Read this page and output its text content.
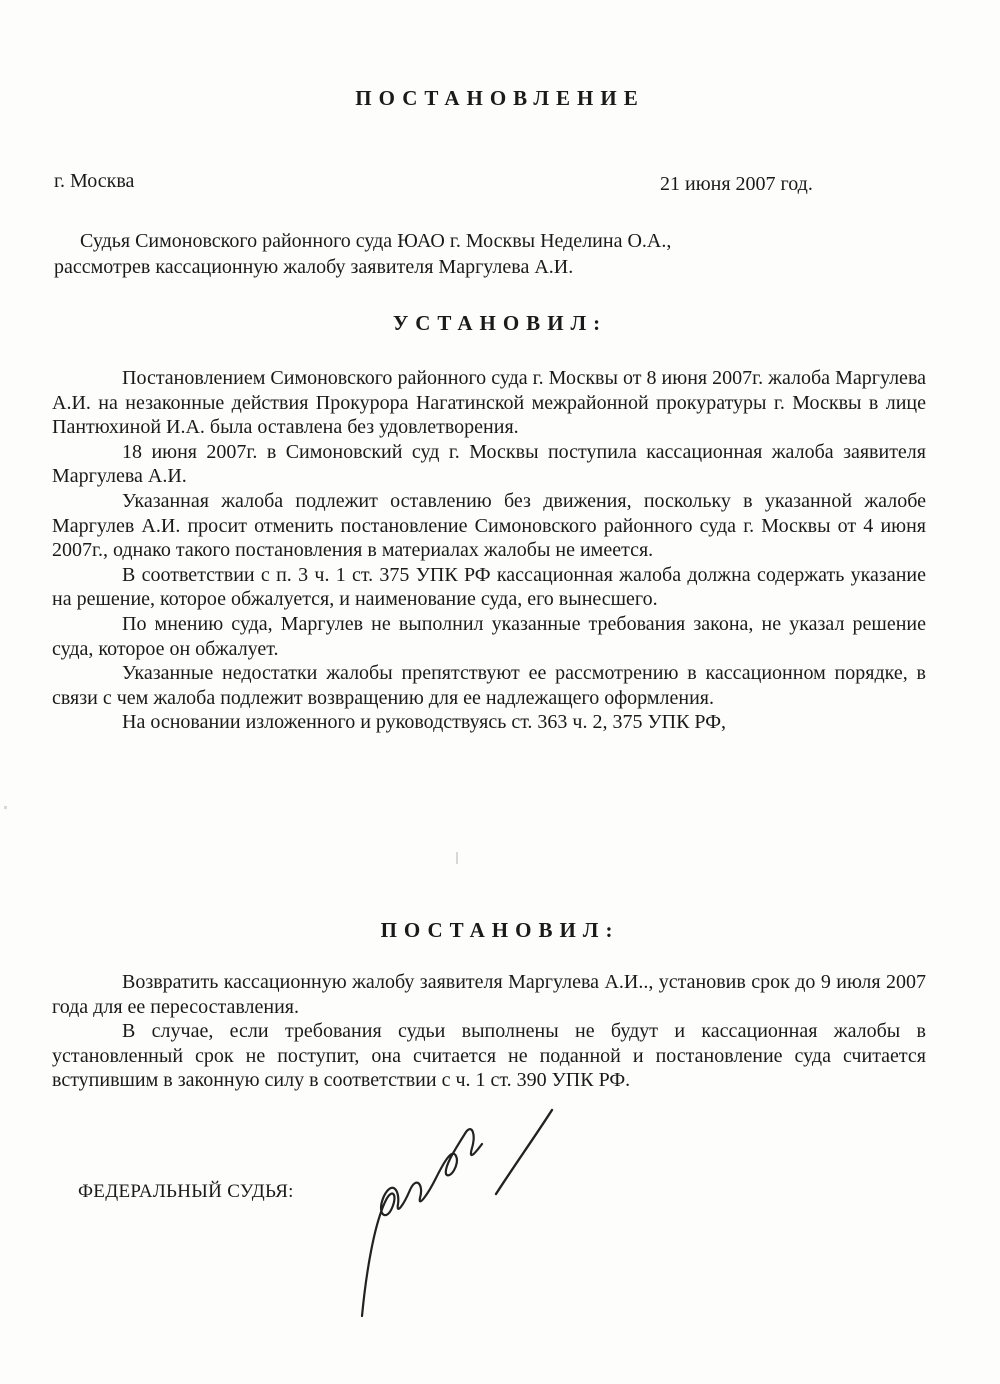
ПОСТАНОВЛЕНИЕ
г. Москва	21 июня 2007 год.
Судья Симоновского районного суда ЮАО г. Москвы Неделина О.А.,
рассмотрев кассационную жалобу заявителя Маргулева А.И.
УСТАНОВИЛ:

Постановлением Симоновского районного суда г. Москвы от 8 июня 2007г. жалоба Маргулева А.И. на незаконные действия Прокурора Нагатинской межрайонной прокуратуры г. Москвы в лице Пантюхиной И.А. была оставлена без удовлетворения.

18 июня 2007г. в Симоновский суд г. Москвы поступила кассационная жалоба заявителя Маргулева А.И.

Указанная жалоба подлежит оставлению без движения, поскольку в указанной жалобе Маргулев А.И. просит отменить постановление Симоновского районного суда г. Москвы от 4 июня 2007г., однако такого постановления в материалах жалобы не имеется.

В соответствии с п. 3 ч. 1 ст. 375 УПК РФ кассационная жалоба должна содержать указание на решение, которое обжалуется, и наименование суда, его вынесшего.

По мнению суда, Маргулев не выполнил указанные требования закона, не указал решение суда, которое он обжалует.

Указанные недостатки жалобы препятствуют ее рассмотрению в кассационном порядке, в связи с чем жалоба подлежит возвращению для ее надлежащего оформления.

На основании изложенного и руководствуясь ст. 363 ч. 2, 375 УПК РФ,

ПОСТАНОВИЛ:

Возвратить кассационную жалобу заявителя Маргулева А.И.., установив срок до 9 июля 2007 года для ее пересоставления.

В случае, если требования судьи выполнены не будут и кассационная жалобы в установленный срок не поступит, она считается не поданной и постановление суда считается вступившим в законную силу в соответствии с ч. 1 ст. 390 УПК РФ.

ФЕДЕРАЛЬНЫЙ СУДЬЯ:
